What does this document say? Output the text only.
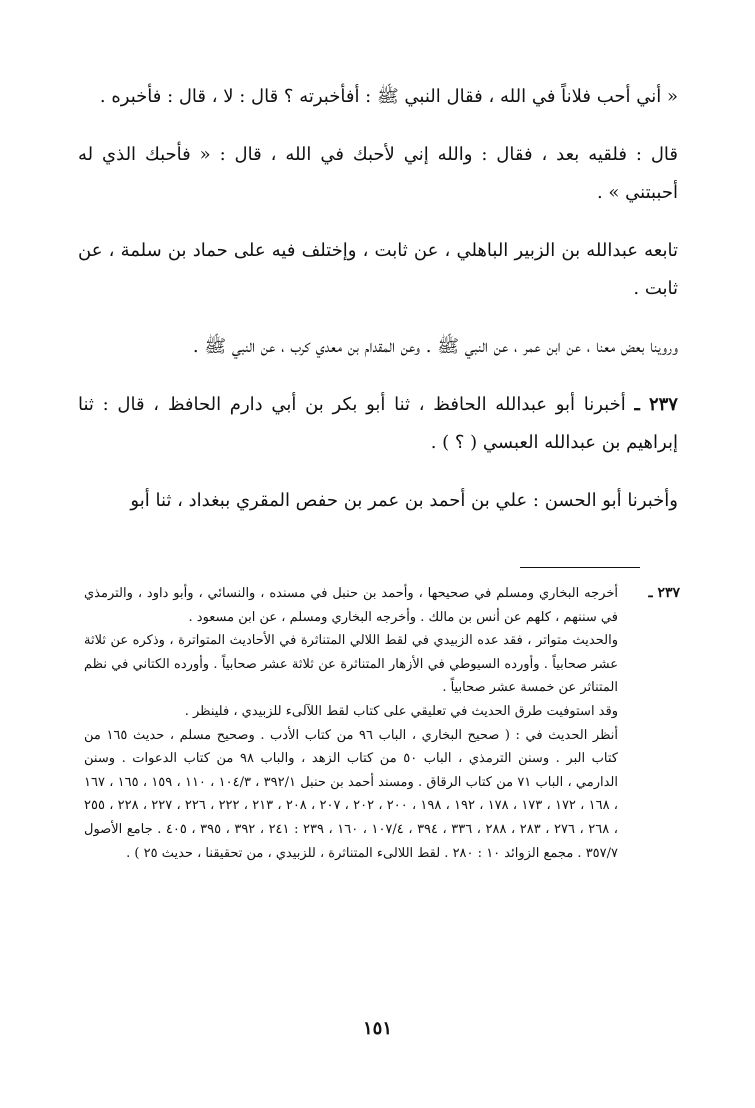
« أني أحب فلاناً في الله ، فقال النبي ﷺ : أفأخبرته ؟ قال : لا ، قال : فأخبره .

قال : فلقيه بعد ، فقال : والله إني لأحبك في الله ، قال : « فأحبك الذي له أحببتني » .

تابعه عبدالله بن الزبير الباهلي ، عن ثابت ، وإختلف فيه على حماد بن سلمة ، عن ثابت .

وروينا بعض معنا ، عن ابن عمر ، عن النبي ﷺ . وعن المقدام بن معدي كرب ، عن النبي ﷺ .

٢٣٧ ـ أخبرنا أبو عبدالله الحافظ ، ثنا أبو بكر بن أبي دارم الحافظ ، قال : ثنا إبراهيم بن عبدالله العبسي ( ؟ ) .

وأخبرنا أبو الحسن : علي بن أحمد بن عمر بن حفص المقري ببغداد ، ثنا أبو

٢٣٧ ـ

أخرجه البخاري ومسلم في صحيحها ، وأحمد بن حنبل في مسنده ، والنسائي ، وأبو داود ، والترمذي في سننهم ، كلهم عن أنس بن مالك . وأخرجه البخاري ومسلم ، عن ابن مسعود .

والحديث متواتر ، فقد عده الزبيدي في لقط اللالي المتناثرة في الأحاديث المتواترة ، وذكره عن ثلاثة عشر صحابياً . وأورده السيوطي في الأزهار المتناثرة عن ثلاثة عشر صحابياً . وأورده الكتاني في نظم المتناثر عن خمسة عشر صحابياً .

وقد استوفيت طرق الحديث في تعليقي على كتاب لقط اللآلىء للزبيدي ، فلينظر .

أنظر الحديث في : ( صحيح البخاري ، الباب ٩٦ من كتاب الأدب . وصحيح مسلم ، حديث ١٦٥ من كتاب البر . وسنن الترمذي ، الباب ٥٠ من كتاب الزهد ، والباب ٩٨ من كتاب الدعوات . وسنن الدارمي ، الباب ٧١ من كتاب الرقاق . ومسند أحمد بن حنبل ٣٩٢/١ ، ١٠٤/٣ ، ١١٠ ، ١٥٩ ، ١٦٥ ، ١٦٧ ، ١٦٨ ، ١٧٢ ، ١٧٣ ، ١٧٨ ، ١٩٢ ، ١٩٨ ، ٢٠٠ ، ٢٠٢ ، ٢٠٧ ، ٢٠٨ ، ٢١٣ ، ٢٢٢ ، ٢٢٦ ، ٢٢٧ ، ٢٢٨ ، ٢٥٥ ، ٢٦٨ ، ٢٧٦ ، ٢٨٣ ، ٢٨٨ ، ٣٣٦ ، ٣٩٤ ، ١٠٧/٤ ، ١٦٠ ، ٢٣٩ : ٢٤١ ، ٣٩٢ ، ٣٩٥ ، ٤٠٥ . جامع الأصول ٣٥٧/٧ . مجمع الزوائد ١٠ : ٢٨٠ . لقط اللالىء المتناثرة ، للزبيدي ، من تحقيقنا ، حديث ٢٥ ) .

١٥١
